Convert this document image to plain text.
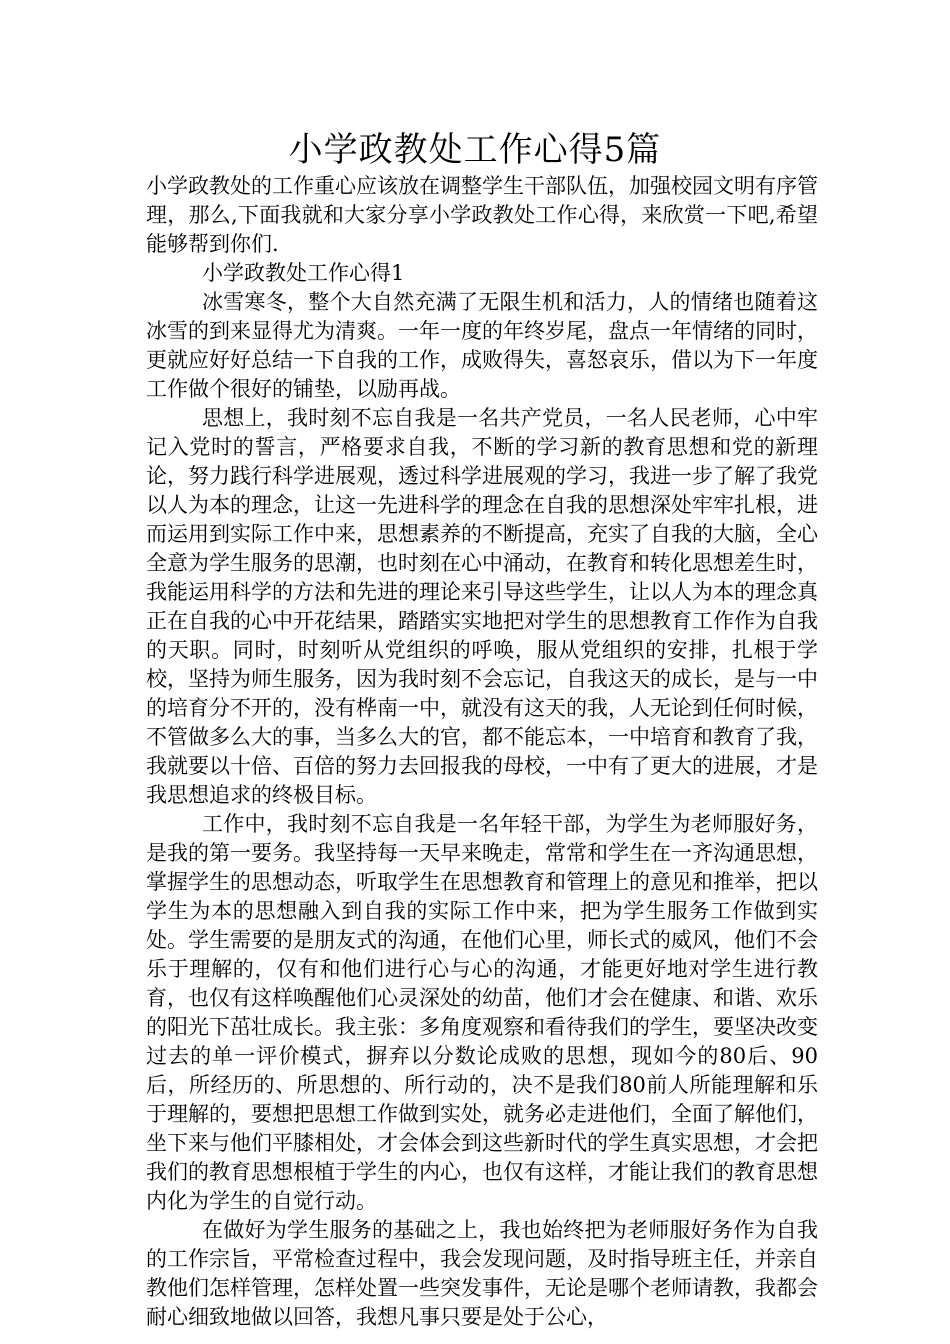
小学政教处工作心得5篇

小学政教处的工作重心应该放在调整学生干部队伍，加强校园文明有序管理，那么,下面我就和大家分享小学政教处工作心得，来欣赏一下吧,希望能够帮到你们.

小学政教处工作心得1

冰雪寒冬，整个大自然充满了无限生机和活力，人的情绪也随着这冰雪的到来显得尤为清爽。一年一度的年终岁尾，盘点一年情绪的同时，更就应好好总结一下自我的工作，成败得失，喜怒哀乐，借以为下一年度工作做个很好的铺垫，以励再战。

思想上，我时刻不忘自我是一名共产党员，一名人民老师，心中牢记入党时的誓言，严格要求自我，不断的学习新的教育思想和党的新理论，努力践行科学进展观，透过科学进展观的学习，我进一步了解了我党以人为本的理念，让这一先进科学的理念在自我的思想深处牢牢扎根，进而运用到实际工作中来，思想素养的不断提高，充实了自我的大脑，全心全意为学生服务的思潮，也时刻在心中涌动，在教育和转化思想差生时，我能运用科学的方法和先进的理论来引导这些学生，让以人为本的理念真正在自我的心中开花结果，踏踏实实地把对学生的思想教育工作作为自我的天职。同时，时刻听从党组织的呼唤，服从党组织的安排，扎根于学校，坚持为师生服务，因为我时刻不会忘记，自我这天的成长，是与一中的培育分不开的，没有桦南一中，就没有这天的我，人无论到任何时候，不管做多么大的事，当多么大的官，都不能忘本，一中培育和教育了我，我就要以十倍、百倍的努力去回报我的母校，一中有了更大的进展，才是我思想追求的终极目标。

工作中，我时刻不忘自我是一名年轻干部，为学生为老师服好务，是我的第一要务。我坚持每一天早来晚走，常常和学生在一齐沟通思想，掌握学生的思想动态，听取学生在思想教育和管理上的意见和推举，把以学生为本的思想融入到自我的实际工作中来，把为学生服务工作做到实处。学生需要的是朋友式的沟通，在他们心里，师长式的威风，他们不会乐于理解的，仅有和他们进行心与心的沟通，才能更好地对学生进行教育，也仅有这样唤醒他们心灵深处的幼苗，他们才会在健康、和谐、欢乐的阳光下茁壮成长。我主张：多角度观察和看待我们的学生，要坚决改变过去的单一评价模式，摒弃以分数论成败的思想，现如今的80后、90后，所经历的、所思想的、所行动的，决不是我们80前人所能理解和乐于理解的，要想把思想工作做到实处，就务必走进他们，全面了解他们，坐下来与他们平膝相处，才会体会到这些新时代的学生真实思想，才会把我们的教育思想根植于学生的内心，也仅有这样，才能让我们的教育思想内化为学生的自觉行动。

在做好为学生服务的基础之上，我也始终把为老师服好务作为自我的工作宗旨，平常检查过程中，我会发现问题，及时指导班主任，并亲自教他们怎样管理，怎样处置一些突发事件，无论是哪个老师请教，我都会耐心细致地做以回答，我想凡事只要是处于公心，
